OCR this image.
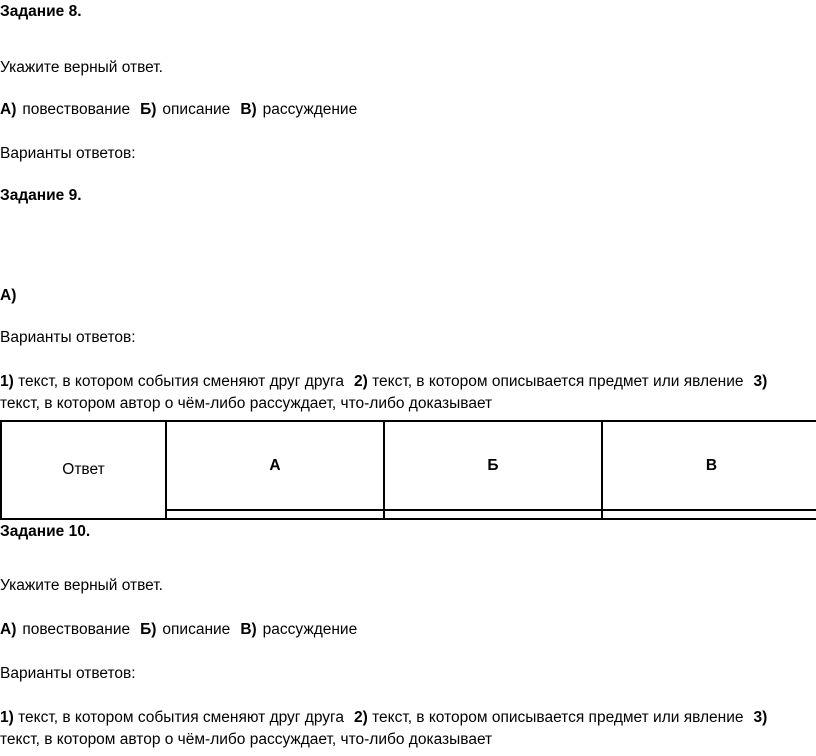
Задание 8.
Укажите верный ответ.
А) повествование Б) описание В) рассуждение
Варианты ответов:
Задание 9.
А)
Варианты ответов:
1) текст, в котором события сменяют друг друга 2) текст, в котором описывается предмет или явление 3)
текст, в котором автор о чём-либо рассуждает, что-либо доказывает
Ответ	А	Б	В

Задание 10.
Укажите верный ответ.
А) повествование Б) описание В) рассуждение
Варианты ответов:
1) текст, в котором события сменяют друг друга 2) текст, в котором описывается предмет или явление 3)
текст, в котором автор о чём-либо рассуждает, что-либо доказывает
